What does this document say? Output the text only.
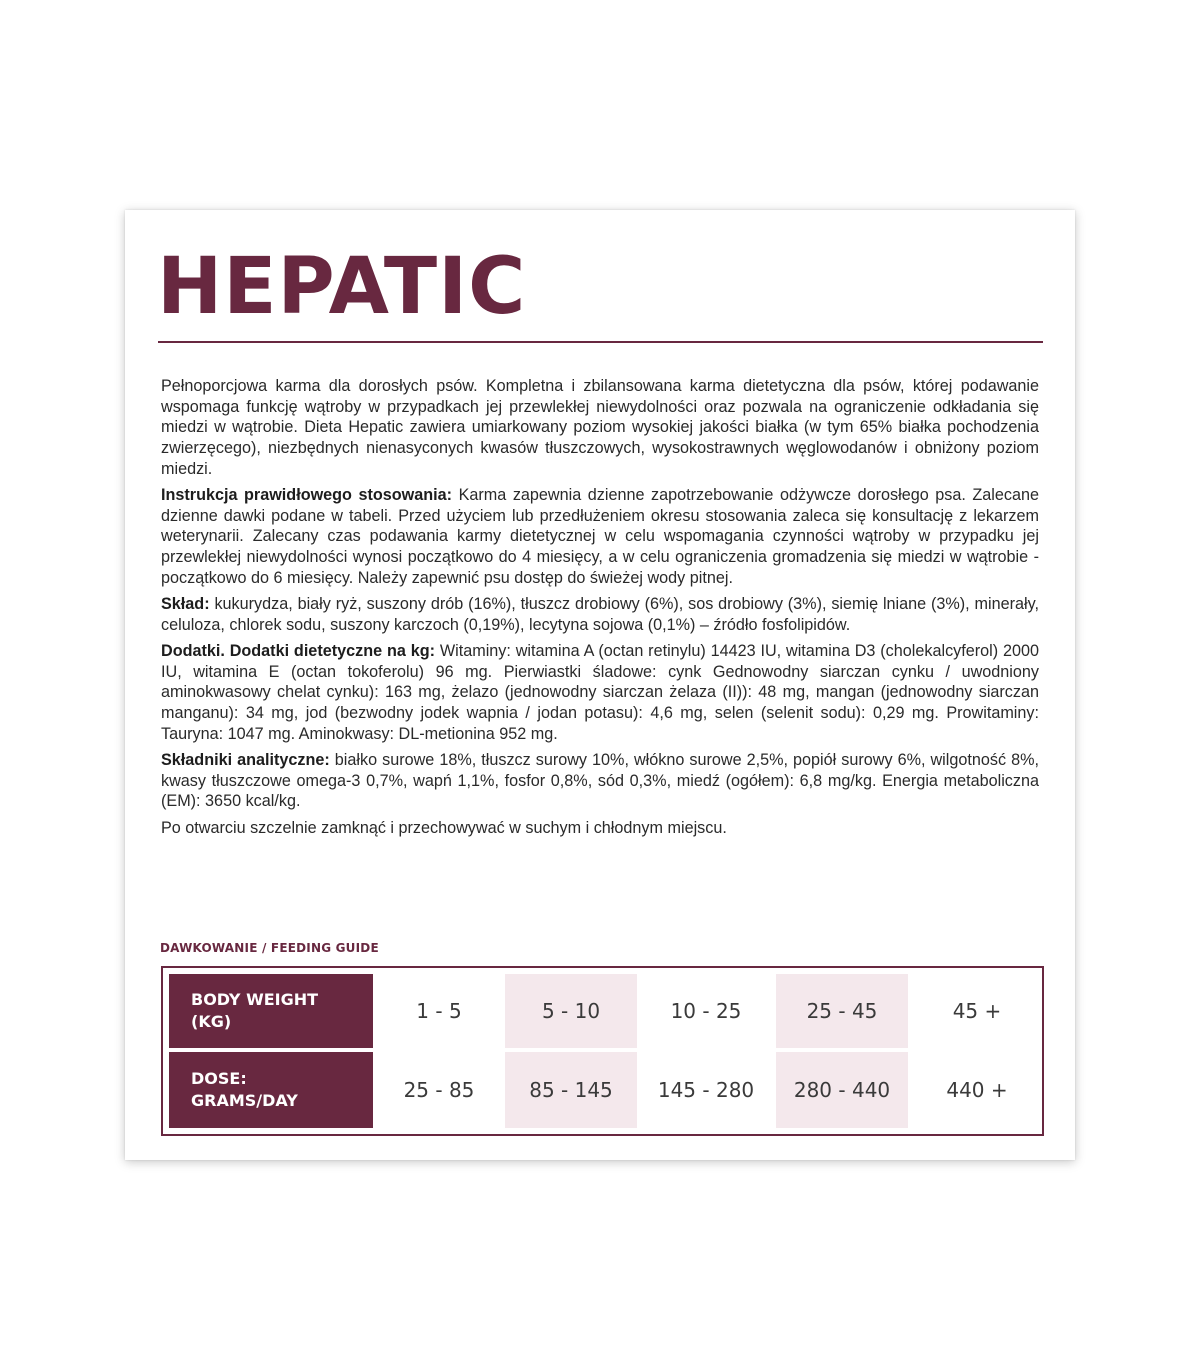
HEPATIC

Pełnoporcjowa karma dla dorosłych psów. Kompletna i zbilansowana karma dietetyczna dla psów, której podawanie wspomaga funkcję wątroby w przypadkach jej przewlekłej niewydolności oraz pozwala na ograniczenie odkładania się miedzi w wątrobie. Dieta Hepatic zawiera umiarkowany poziom wysokiej jakości białka (w tym 65% białka pochodzenia zwierzęcego), niezbędnych nienasyconych kwasów tłuszczowych, wysokostrawnych węglowodanów i obniżony poziom miedzi.

Instrukcja prawidłowego stosowania: Karma zapewnia dzienne zapotrzebowanie odżywcze dorosłego psa. Zalecane dzienne dawki podane w tabeli. Przed użyciem lub przedłużeniem okresu stosowania zaleca się konsultację z lekarzem weterynarii. Zalecany czas podawania karmy dietetycznej w celu wspomagania czynności wątroby w przypadku jej przewlekłej niewydolności wynosi początkowo do 4 miesięcy, a w celu ograniczenia gromadzenia się miedzi w wątrobie - początkowo do 6 miesięcy. Należy zapewnić psu dostęp do świeżej wody pitnej.

Skład: kukurydza, biały ryż, suszony drób (16%), tłuszcz drobiowy (6%), sos drobiowy (3%), siemię lniane (3%), minerały, celuloza, chlorek sodu, suszony karczoch (0,19%), lecytyna sojowa (0,1%) – źródło fosfolipidów.

Dodatki. Dodatki dietetyczne na kg: Witaminy: witamina A (octan retinylu) 14423 IU, witamina D3 (cholekalcyferol) 2000 IU, witamina E (octan tokoferolu) 96 mg. Pierwiastki śladowe: cynk Gednowodny siarczan cynku / uwodniony aminokwasowy chelat cynku): 163 mg, żelazo (jednowodny siarczan żelaza (II)): 48 mg, mangan (jednowodny siarczan manganu): 34 mg, jod (bezwodny jodek wapnia / jodan potasu): 4,6 mg, selen (selenit sodu): 0,29 mg. Prowitaminy: Tauryna: 1047 mg. Aminokwasy: DL-metionina 952 mg.

Składniki analityczne: białko surowe 18%, tłuszcz surowy 10%, włókno surowe 2,5%, popiół surowy 6%, wilgotność 8%, kwasy tłuszczowe omega-3 0,7%, wapń 1,1%, fosfor 0,8%, sód 0,3%, miedź (ogółem): 6,8 mg/kg. Energia metaboliczna (EM): 3650 kcal/kg.

Po otwarciu szczelnie zamknąć i przechowywać w suchym i chłodnym miejscu.

DAWKOWANIE / FEEDING GUIDE
BODY WEIGHT
(KG)	1 - 5	5 - 10	10 - 25	25 - 45	45 +
DOSE:
GRAMS/DAY	25 - 85	85 - 145	145 - 280	280 - 440	440 +
